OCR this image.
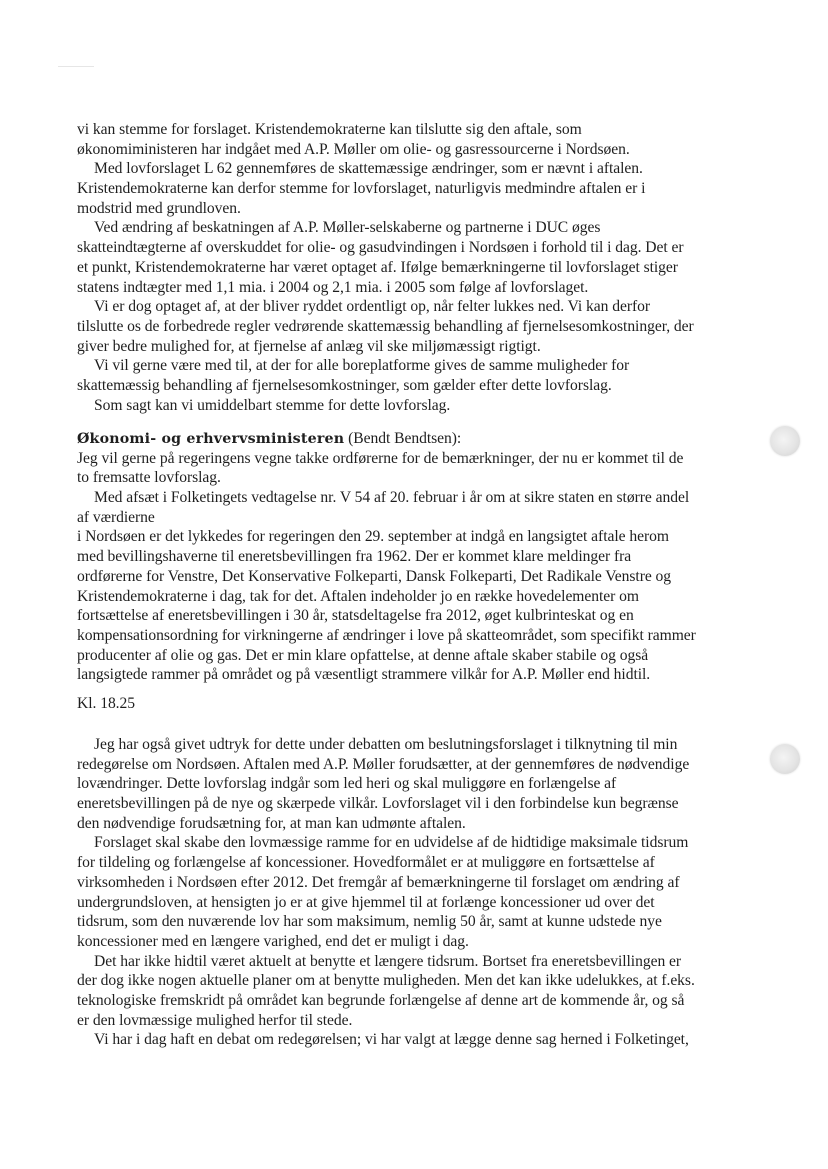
vi kan stemme for forslaget. Kristendemokraterne kan tilslutte sig den aftale, som
økonomiministeren har indgået med A.P. Møller om olie- og gasressourcerne i Nordsøen.
Med lovforslaget L 62 gennemføres de skattemæssige ændringer, som er nævnt i aftalen.
Kristendemokraterne kan derfor stemme for lovforslaget, naturligvis medmindre aftalen er i
modstrid med grundloven.
Ved ændring af beskatningen af A.P. Møller-selskaberne og partnerne i DUC øges
skatteindtægterne af overskuddet for olie- og gasudvindingen i Nordsøen i forhold til i dag. Det er
et punkt, Kristendemokraterne har været optaget af. Ifølge bemærkningerne til lovforslaget stiger
statens indtægter med 1,1 mia. i 2004 og 2,1 mia. i 2005 som følge af lovforslaget.
Vi er dog optaget af, at der bliver ryddet ordentligt op, når felter lukkes ned. Vi kan derfor
tilslutte os de forbedrede regler vedrørende skattemæssig behandling af fjernelsesomkostninger, der
giver bedre mulighed for, at fjernelse af anlæg vil ske miljømæssigt rigtigt.
Vi vil gerne være med til, at der for alle boreplatforme gives de samme muligheder for
skattemæssig behandling af fjernelsesomkostninger, som gælder efter dette lovforslag.
Som sagt kan vi umiddelbart stemme for dette lovforslag.
Økonomi- og erhvervsministeren (Bendt Bendtsen):
Jeg vil gerne på regeringens vegne takke ordførerne for de bemærkninger, der nu er kommet til de
to fremsatte lovforslag.
Med afsæt i Folketingets vedtagelse nr. V 54 af 20. februar i år om at sikre staten en større andel
af værdierne
i Nordsøen er det lykkedes for regeringen den 29. september at indgå en langsigtet aftale herom
med bevillingshaverne til eneretsbevillingen fra 1962. Der er kommet klare meldinger fra
ordførerne for Venstre, Det Konservative Folkeparti, Dansk Folkeparti, Det Radikale Venstre og
Kristendemokraterne i dag, tak for det. Aftalen indeholder jo en række hovedelementer om
fortsættelse af eneretsbevillingen i 30 år, statsdeltagelse fra 2012, øget kulbrinteskat og en
kompensationsordning for virkningerne af ændringer i love på skatteområdet, som specifikt rammer
producenter af olie og gas. Det er min klare opfattelse, at denne aftale skaber stabile og også
langsigtede rammer på området og på væsentligt strammere vilkår for A.P. Møller end hidtil.
Kl. 18.25
Jeg har også givet udtryk for dette under debatten om beslutningsforslaget i tilknytning til min
redegørelse om Nordsøen. Aftalen med A.P. Møller forudsætter, at der gennemføres de nødvendige
lovændringer. Dette lovforslag indgår som led heri og skal muliggøre en forlængelse af
eneretsbevillingen på de nye og skærpede vilkår. Lovforslaget vil i den forbindelse kun begrænse
den nødvendige forudsætning for, at man kan udmønte aftalen.
Forslaget skal skabe den lovmæssige ramme for en udvidelse af de hidtidige maksimale tidsrum
for tildeling og forlængelse af koncessioner. Hovedformålet er at muliggøre en fortsættelse af
virksomheden i Nordsøen efter 2012. Det fremgår af bemærkningerne til forslaget om ændring af
undergrundsloven, at hensigten jo er at give hjemmel til at forlænge koncessioner ud over det
tidsrum, som den nuværende lov har som maksimum, nemlig 50 år, samt at kunne udstede nye
koncessioner med en længere varighed, end det er muligt i dag.
Det har ikke hidtil været aktuelt at benytte et længere tidsrum. Bortset fra eneretsbevillingen er
der dog ikke nogen aktuelle planer om at benytte muligheden. Men det kan ikke udelukkes, at f.eks.
teknologiske fremskridt på området kan begrunde forlængelse af denne art de kommende år, og så
er den lovmæssige mulighed herfor til stede.
Vi har i dag haft en debat om redegørelsen; vi har valgt at lægge denne sag herned i Folketinget,
